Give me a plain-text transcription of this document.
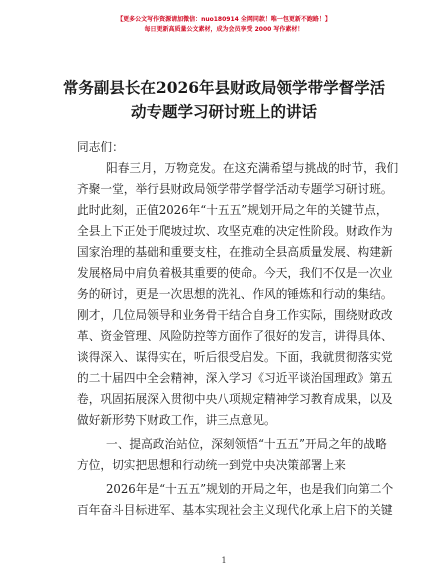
【更多公文写作资源请加微信：nuo180914 全网同款！唯一包更新不跑路！】
每日更新高质量公文素材，成为会员享受 2000 写作素材！
常务副县长在2026年县财政局领学带学督学活
动专题学习研讨班上的讲话
同志们：
阳春三月，万物竞发。在这充满希望与挑战的时节，我们
齐聚一堂，举行县财政局领学带学督学活动专题学习研讨班。
此时此刻，正值2026年“十五五”规划开局之年的关键节点，
全县上下正处于爬坡过坎、攻坚克难的决定性阶段。财政作为
国家治理的基础和重要支柱，在推动全县高质量发展、构建新
发展格局中肩负着极其重要的使命。今天，我们不仅是一次业
务的研讨，更是一次思想的洗礼、作风的锤炼和行动的集结。
刚才，几位局领导和业务骨干结合自身工作实际，围绕财政改
革、资金管理、风险防控等方面作了很好的发言，讲得具体、
谈得深入、谋得实在，听后很受启发。下面，我就贯彻落实党
的二十届四中全会精神，深入学习《习近平谈治国理政》第五
卷，巩固拓展深入贯彻中央八项规定精神学习教育成果，以及
做好新形势下财政工作，讲三点意见。
一、提高政治站位，深刻领悟“十五五”开局之年的战略
方位，切实把思想和行动统一到党中央决策部署上来
2026年是“十五五”规划的开局之年，也是我们向第二个
百年奋斗目标进军、基本实现社会主义现代化承上启下的关键
1
